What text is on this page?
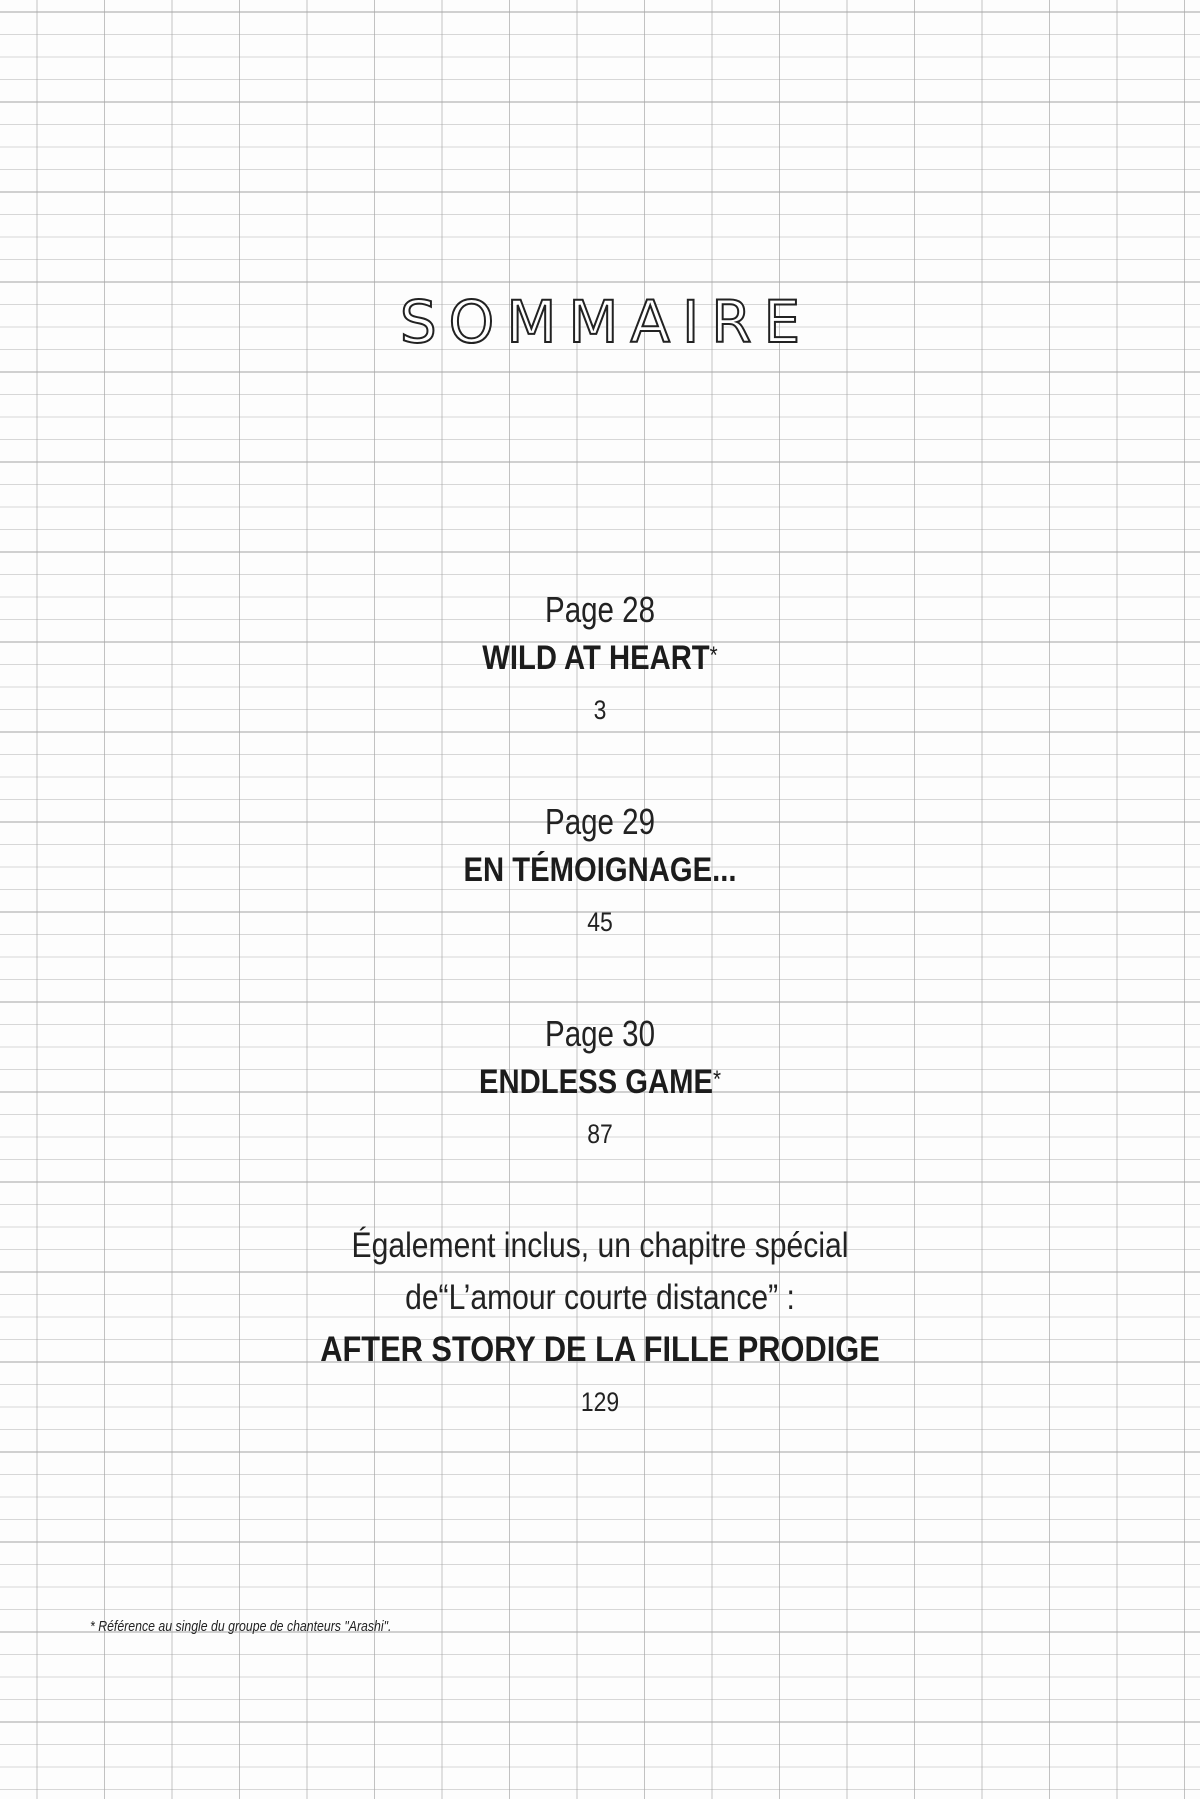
SOMMAIRE
Page 28
WILD AT HEART*
3
Page 29
EN TÉMOIGNAGE...
45
Page 30
ENDLESS GAME*
87
Également inclus, un chapitre spécial
de“L’amour courte distance” :
AFTER STORY DE LA FILLE PRODIGE
129
* Référence au single du groupe de chanteurs "Arashi".
